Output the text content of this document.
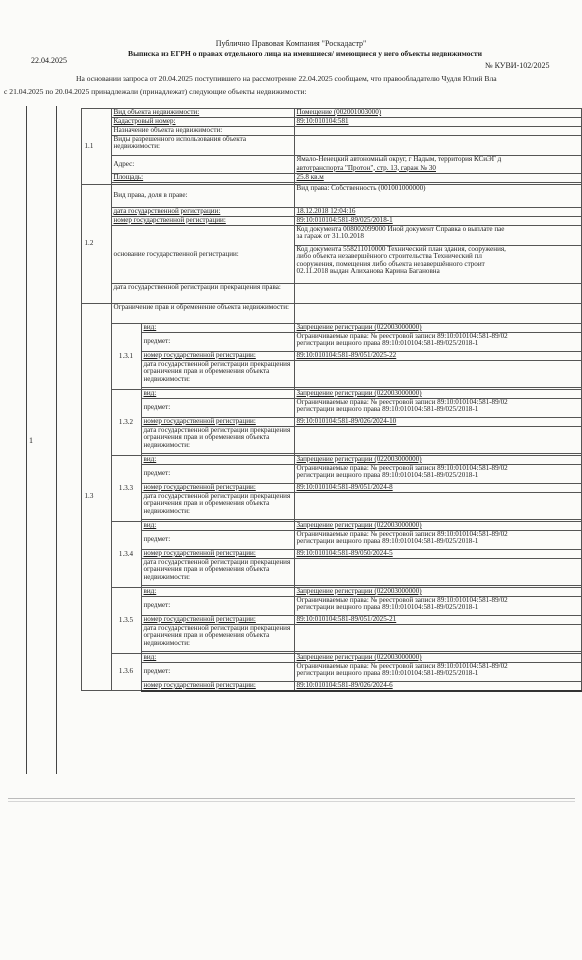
Публично Правовая Компания "Роскадастр"
Выписка из ЕГРН о правах отдельного лица на имевшиеся/ имеющиеся у него объекты недвижимости
22.04.2025
№ КУВИ-102/2025
На основании запроса от 20.04.2025 поступившего на рассмотрение 22.04.2025 сообщаем, что правообладателю Чудля Юлий Вла
с 21.04.2025 по 20.04.2025 принадлежали (принадлежат) следующие объекты недвижимости:
1
	1.1	Вид объекта недвижимости:		Помещение (002001003000)
		Кадастровый номер:		89:10:010104:581
		Назначение объекта недвижимости:		
		Виды разрешенного использования объекта недвижимости:		
		Адрес:		Ямало-Ненецкий автономный округ, г Надым, территория КСиЭГ д
				автотранспорта "Протон", стр. 13, гараж № 30
		Площадь:		25.8 кв.м

	1.2	Вид права, доля в праве:		Вид права: Собственность (001001000000)
		дата государственной регистрации:		18.12.2018 12:04:16
		номер государственной регистрации:		89:10:010104:581-89/025/2018-1
		основание государственной регистрации:		Код документа 008002099000 Иной документ Справка о выплате пае
за гараж от 31.10.2018

				Код документа 558211010000 Технический план здания, сооружения,
либо объекта незавершённого строительства Технический пл
сооружения, помещения либо объекта незавершённого строит
02.11.2018 выдан Алиханова Карина Багановна

		дата государственной регистрации прекращения права:		
	1.3	Ограничение прав и обременение объекта недвижимости:		
		1.3.1	вид:	Запрещение регистрации (022003000000)
			предмет:	Ограничиваемые права: № реестровой записи 89:10:010104:581-89/02
регистрации вещного права 89:10:010104:581-89/025/2018-1

			номер государственной регистрации:	89:10:010104:581-89/051/2025-22
			дата государственной регистрации прекращения ограничения прав и обременения объекта недвижимости:	

		1.3.2	вид:	Запрещение регистрации (022003000000)
			предмет:	Ограничиваемые права: № реестровой записи 89:10:010104:581-89/02
регистрации вещного права 89:10:010104:581-89/025/2018-1

			номер государственной регистрации:	89:10:010104:581-89/026/2024-10
			дата государственной регистрации прекращения ограничения прав и обременения объекта недвижимости:	

		1.3.3	вид:	Запрещение регистрации (022003000000)
			предмет:	Ограничиваемые права: № реестровой записи 89:10:010104:581-89/02
регистрации вещного права 89:10:010104:581-89/025/2018-1

			номер государственной регистрации:	89:10:010104:581-89/051/2024-8
			дата государственной регистрации прекращения ограничения прав и обременения объекта недвижимости:	

		1.3.4	вид:	Запрещение регистрации (022003000000)
			предмет:	Ограничиваемые права: № реестровой записи 89:10:010104:581-89/02
регистрации вещного права 89:10:010104:581-89/025/2018-1

			номер государственной регистрации:	89:10:010104:581-89/050/2024-5
			дата государственной регистрации прекращения ограничения прав и обременения объекта недвижимости:	

		1.3.5	вид:	Запрещение регистрации (022003000000)
			предмет:	Ограничиваемые права: № реестровой записи 89:10:010104:581-89/02
регистрации вещного права 89:10:010104:581-89/025/2018-1

			номер государственной регистрации:	89:10:010104:581-89/051/2025-21
			дата государственной регистрации прекращения ограничения прав и обременения объекта недвижимости:	

		1.3.6	вид:	Запрещение регистрации (022003000000)
			предмет:	Ограничиваемые права: № реестровой записи 89:10:010104:581-89/02
регистрации вещного права 89:10:010104:581-89/025/2018-1

			номер государственной регистрации:	89:10:010104:581-89/026/2024-6
